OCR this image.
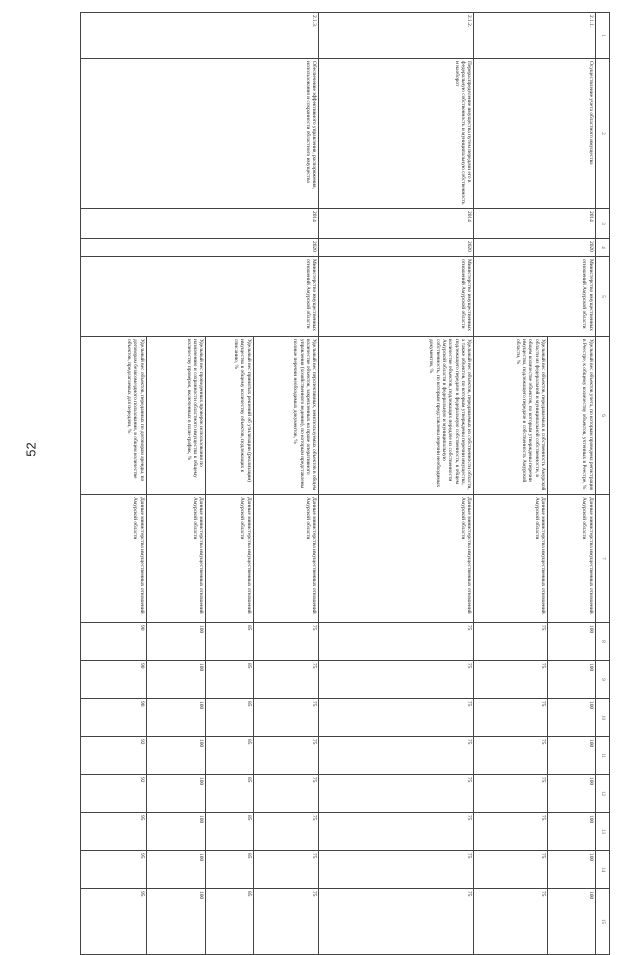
52
1	2	3	4	5	6	7	8	9	10	11	12	13	14	15
2.1.1.	Осуществление учета областного имущества	2014	2020	Министерство имущественных отношений Амурской области	Удельный вес объектов учета, по которым проведена регистрация в Реестре, к общему количеству объектов, учтенных в Реестре, %	Данные министерства имущественных отношений Амурской области	100	100	100	100	100	100	100	100
					Удельный вес объектов, передаваемых в собственность Амурской области из федеральной и муниципальной собственности, в общем количестве объектов, по которым утверждены перечни имущества, подлежащего передаче в собственность Амурской области, %	Данные министерства имущественных отношений Амурской области	75	75	75	75	75	75	75	75
2.1.2.	Перераспределение имущества путем передачи его в федеральную собственность и муниципальную собственность и наоборот	2014	2020	Министерство имущественных отношений Амурской области	Удельный вес объектов, передаваемых из собственности области, а также объектов, по которым утверждены перечни имущества, подлежащего передаче в федеральную собственность, в общем количестве объектов, подлежащих передаче из собственности Амурской области в федеральную и муниципальную собственность, по которым представлены перечни необходимых документов, %	Данные министерства имущественных отношений Амурской области	75	75	75	75	75	75	75	75
2.1.3.	Обеспечение эффективного управления, распоряжения, использования и сохранности областного имущества	2014	2020	Министерство имущественных отношений Амурской области	Удельный вес перспективных, неиспользуемых объектов в общем количестве объектов, закрепленных на праве оперативного управления (хозяйственного ведения), по которым представлены полные перечни необходимых документов, %	Данные министерства имущественных отношений Амурской области	75	75	75	75	75	75	75	75
					Удельный вес принятых решений об утилизации (реализации) имущества в общему количеству объектов, подлежащих к списанию, %	Данные министерства имущественных отношений Амурской области	85	85	85	85	85	85	85	85
					Удельный вес проведенных проверок использования по назначению и сохранности областного имущества к общему количеству проверок, включенных в план-график, %	Данные министерства имущественных отношений Амурской области	100	100	100	100	100	100	100	100
					Удельный вес объектов, переданных по договорам аренды, по договорам безвозмездного пользования, в общем количестве объектов, предлагаемых для передачи, %	Данные министерства имущественных отношений Амурской области	90	90	90	92	92	95	95	95
